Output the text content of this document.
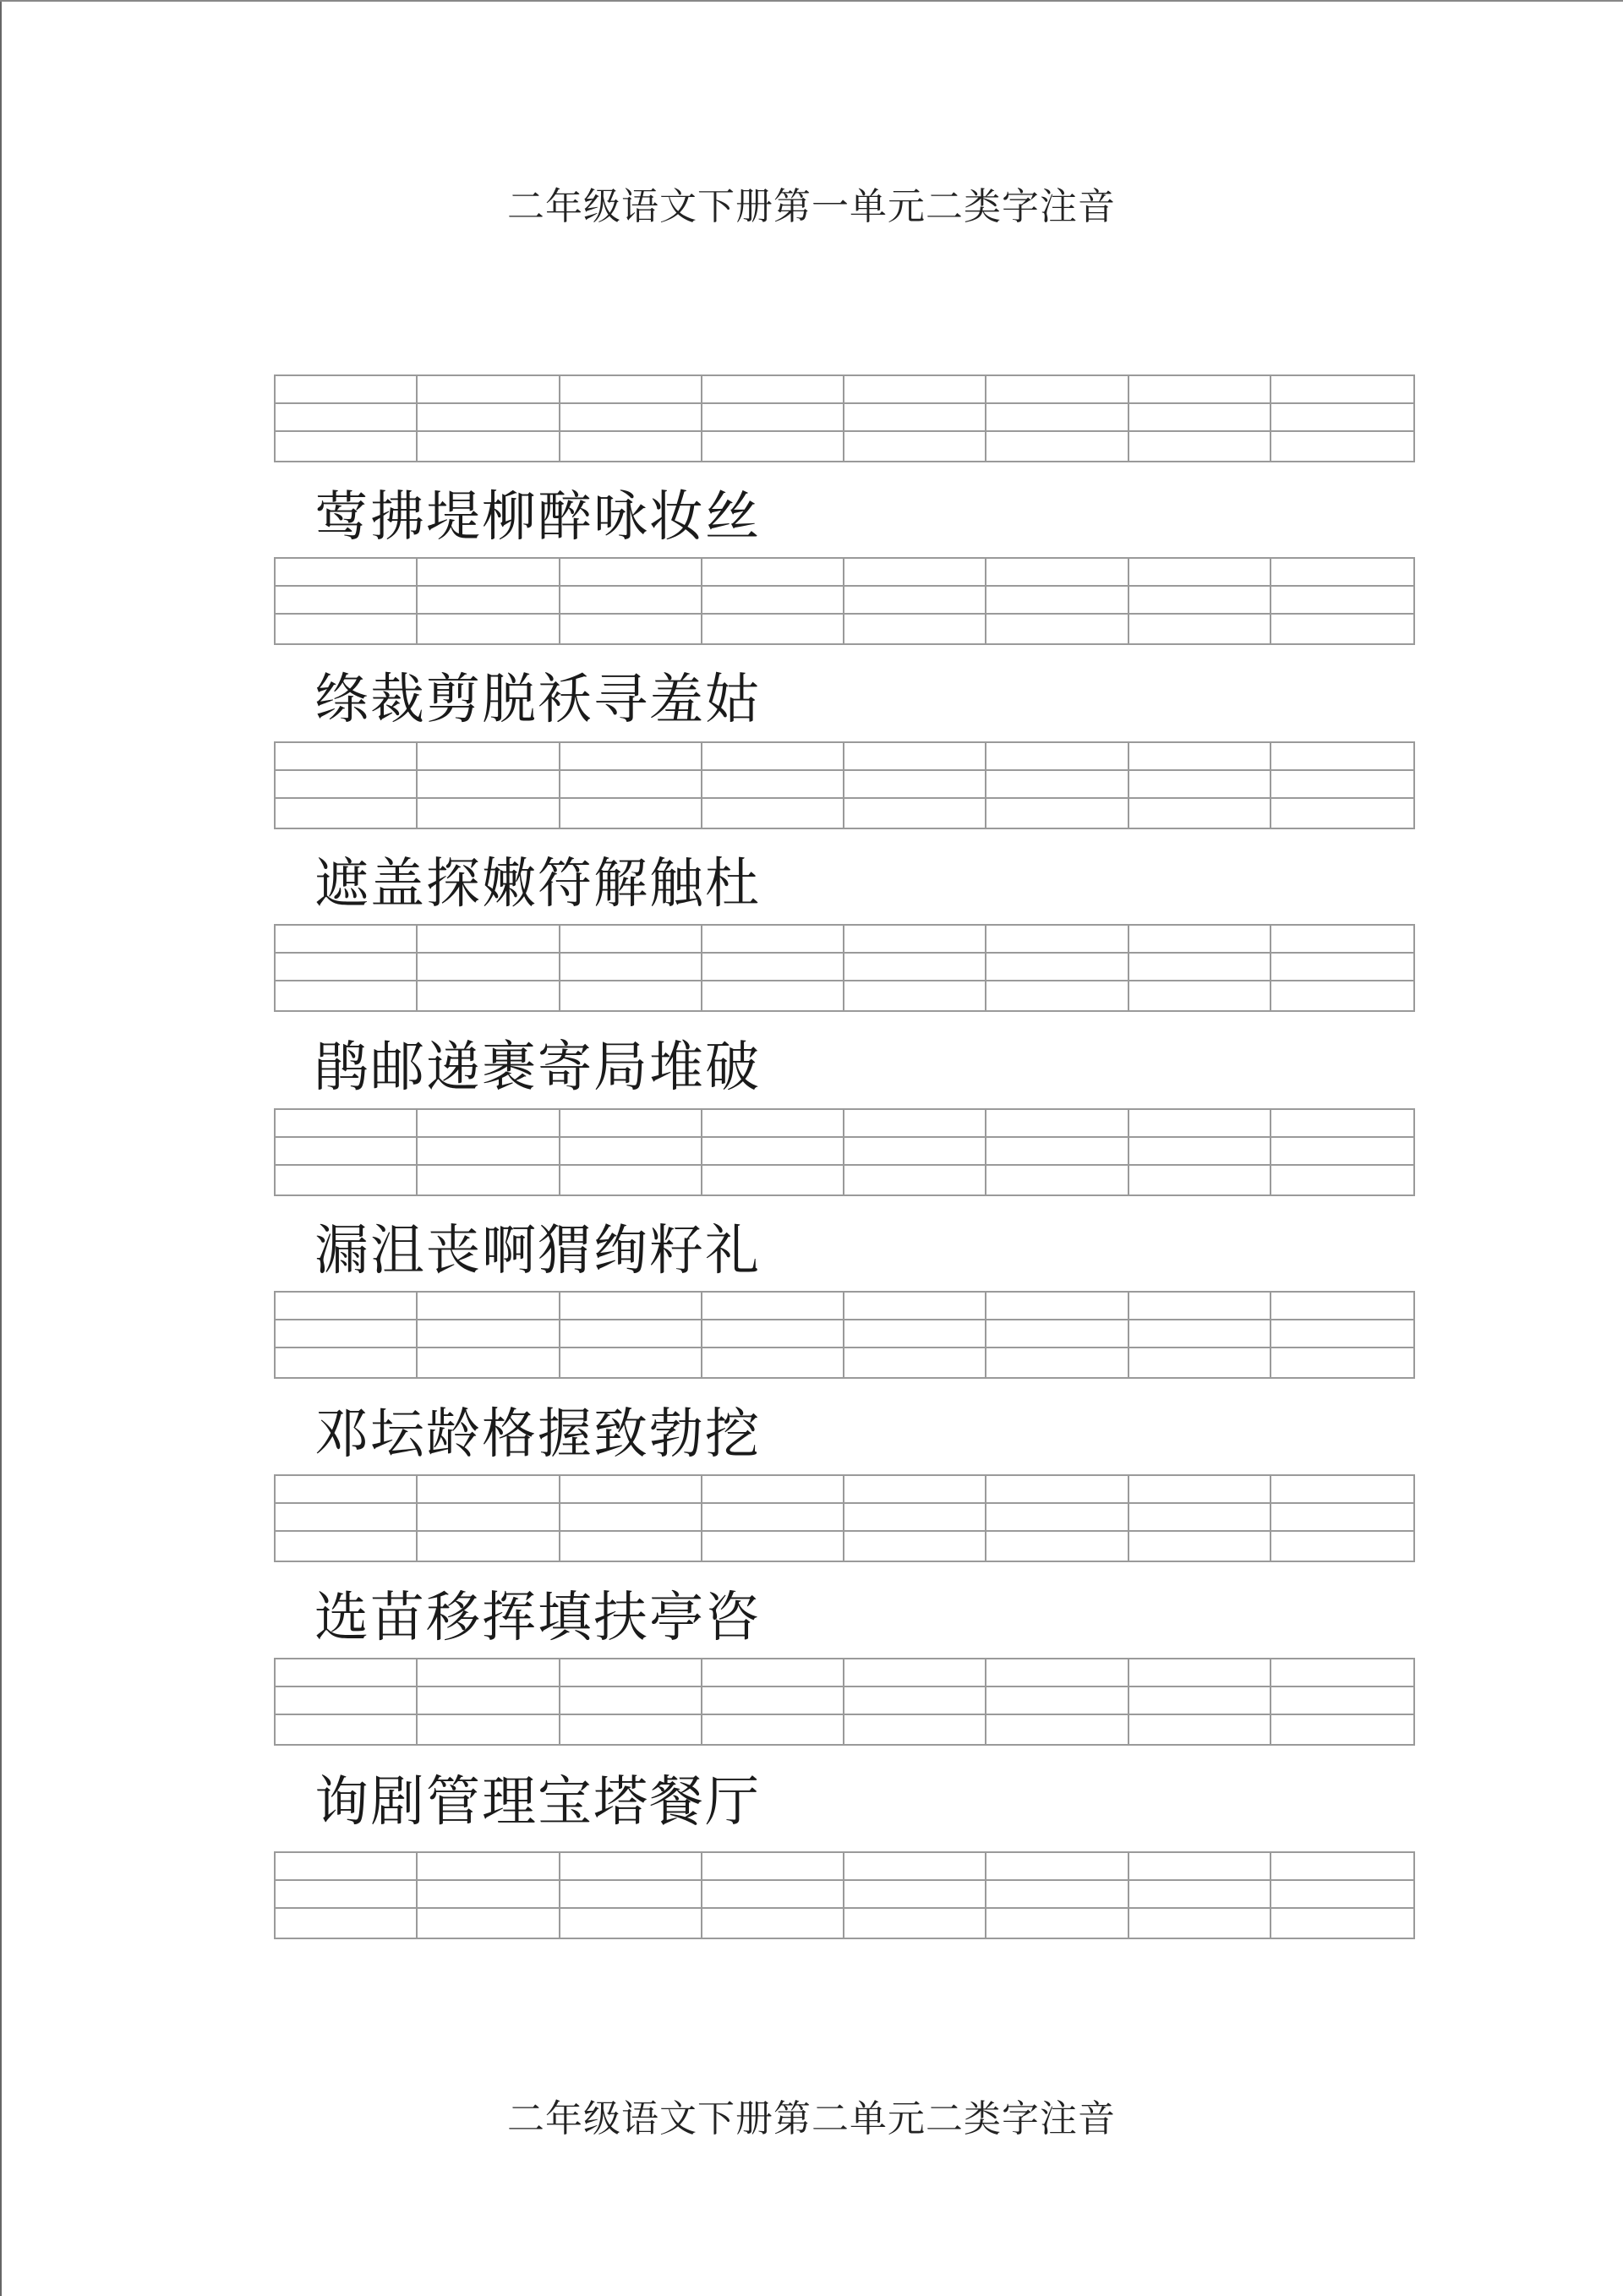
二年级语文下册第一单元二类字注音
莺拂堤柳醉咏妆丝
绦裁剪脱袄寻羞姑
遮盖探嫩符解触杜
鹃邮递裹寄局堆破
漏沮丧啊猬绚籽礼
邓坛龄格握致勃挖
选苗移挥填扶亭咨
询剧管理宝塔餐厅
二年级语文下册第二单元二类字注音
